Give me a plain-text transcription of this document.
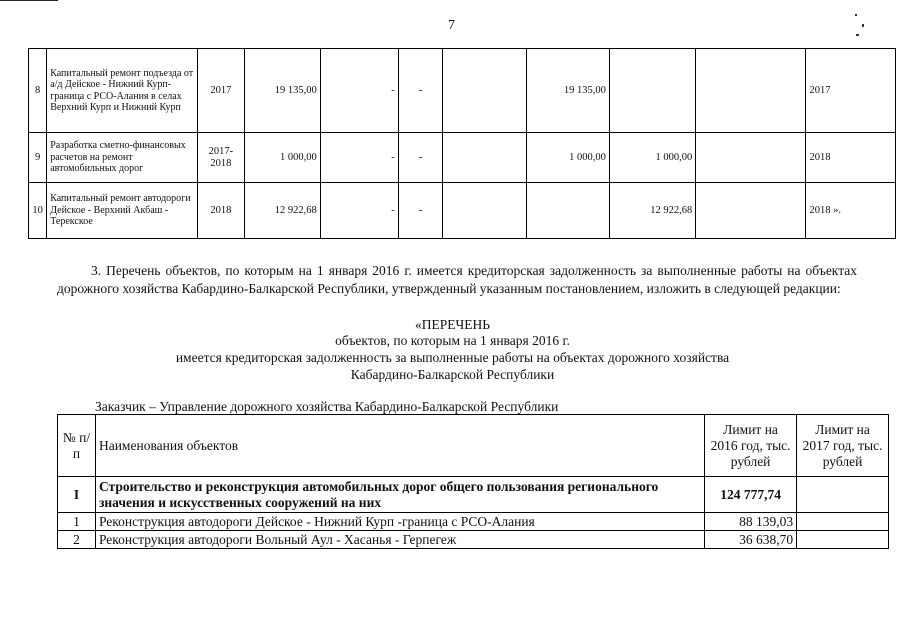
7
8	Капитальный ремонт подъезда от а/д Дейское - Нижний Курп-граница с РСО-Алания в селах Верхний Курп и Нижний Курп	2017	19 135,00	-	-		19 135,00			2017
9	Разработка сметно-финансовых расчетов на ремонт автомобильных дорог	2017-2018	1 000,00	-	-		1 000,00	1 000,00		2018
10	Капитальный ремонт автодороги Дейское - Верхний Акбаш - Терекское	2018	12 922,68	-	-			12 922,68		2018 ».
3. Перечень объектов, по которым на 1 января 2016 г. имеется кредиторская задолженность за выполненные работы на объектах дорожного хозяйства Кабардино-Балкарской Республики, утвержденный указанным постановлением, изложить в следующей редакции:
«ПЕРЕЧЕНЬ
объектов, по которым на 1 января 2016 г.
имеется кредиторская задолженность за выполненные работы на объектах дорожного хозяйства
Кабардино-Балкарской Республики
Заказчик – Управление дорожного хозяйства Кабардино-Балкарской Республики
№ п/п	Наименования объектов	Лимит на 2016 год, тыс. рублей	Лимит на 2017 год, тыс. рублей
I	Строительство и реконструкция автомобильных дорог общего пользования регионального значения и искусственных сооружений на них	124 777,74	
1	Реконструкция автодороги Дейское - Нижний Курп -граница с РСО-Алания	88 139,03	
2	Реконструкция автодороги Вольный Аул - Хасанья - Герпегеж	36 638,70	
